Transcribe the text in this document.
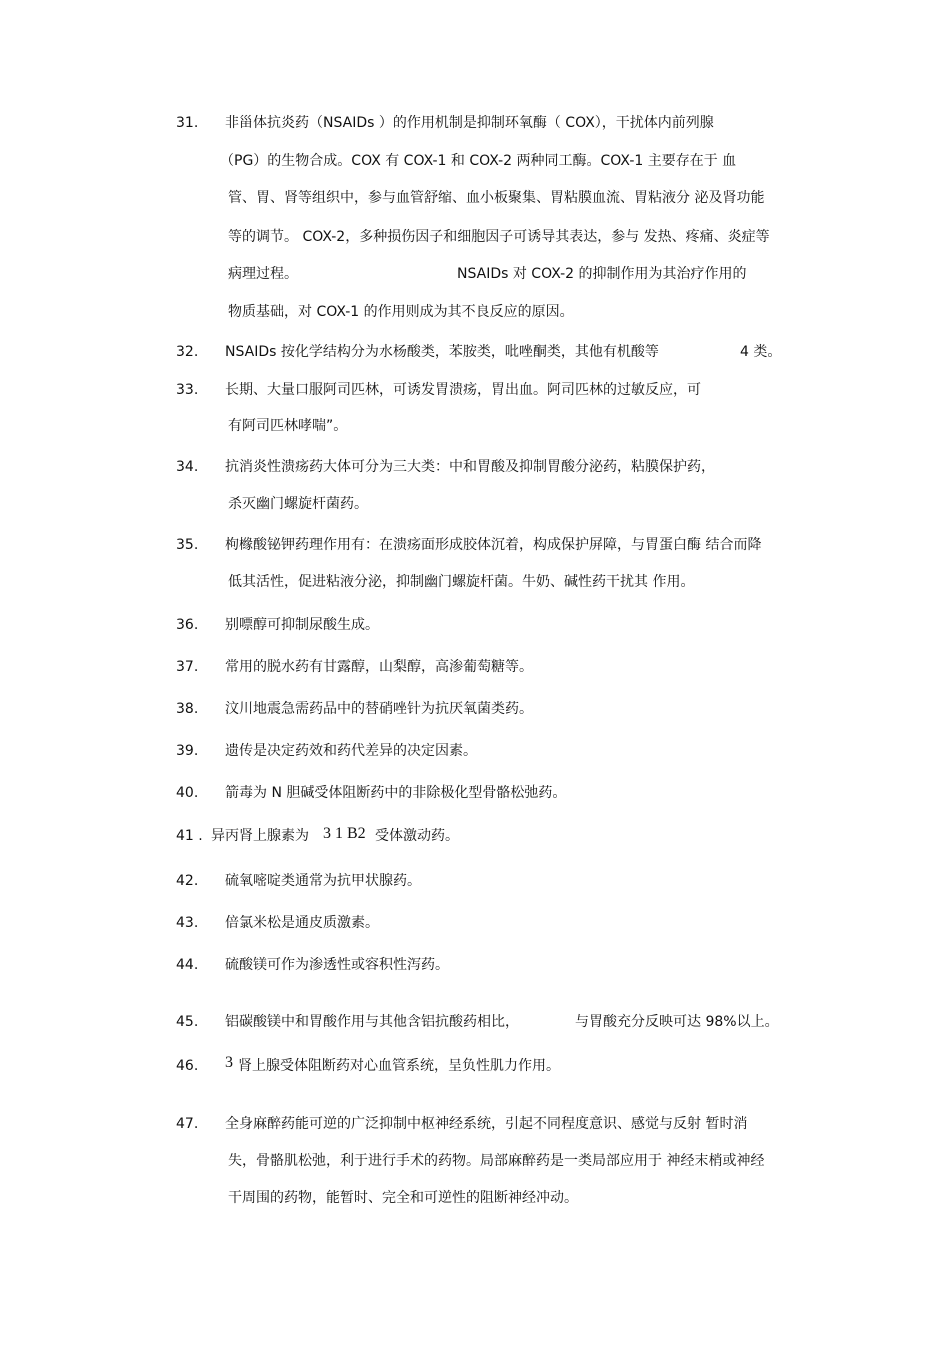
31. 非甾体抗炎药（NSAIDs ）的作用机制是抑制环氧酶（ COX），干扰体内前列腺
（PG）的生物合成。COX 有 COX-1 和 COX-2 两种同工酶。COX-1 主要存在于 血
管、胃、肾等组织中，参与血管舒缩、血小板聚集、胃粘膜血流、胃粘液分 泌及肾功能
等的调节。 COX-2，多种损伤因子和细胞因子可诱导其表达，参与 发热、疼痛、炎症等
病理过程。	NSAIDs 对 COX-2 的抑制作用为其治疗作用的
物质基础，对 COX-1 的作用则成为其不良反应的原因。
32. NSAIDs 按化学结构分为水杨酸类，苯胺类，吡唑酮类，其他有机酸等	4 类。
33. 长期、大量口服阿司匹林，可诱发胃溃疡，胃出血。阿司匹林的过敏反应，可
有阿司匹林哮喘”。
34. 抗消炎性溃疡药大体可分为三大类：中和胃酸及抑制胃酸分泌药，粘膜保护药，
杀灭幽门螺旋杆菌药。
35. 枸橼酸铋钾药理作用有：在溃疡面形成胶体沉着，构成保护屏障，与胃蛋白酶 结合而降
低其活性，促进粘液分泌，抑制幽门螺旋杆菌。牛奶、碱性药干扰其 作用。
36. 别嘌醇可抑制尿酸生成。
37. 常用的脱水药有甘露醇，山梨醇，高渗葡萄糖等。
38. 汶川地震急需药品中的替硝唑针为抗厌氧菌类药。
39. 遗传是决定药效和药代差异的决定因素。
40. 箭毒为 N 胆碱受体阻断药中的非除极化型骨骼松弛药。
41 . 异丙肾上腺素为 3 1 B2 受体激动药。
42. 硫氧嘧啶类通常为抗甲状腺药。
43. 倍氯米松是通皮质激素。
44. 硫酸镁可作为渗透性或容积性泻药。
45. 铝碳酸镁中和胃酸作用与其他含铝抗酸药相比，	与胃酸充分反映可达 98%以上。
46. 3 肾上腺受体阻断药对心血管系统，呈负性肌力作用。
47. 全身麻醉药能可逆的广泛抑制中枢神经系统，引起不同程度意识、感觉与反射 暂时消
失，骨骼肌松弛，利于进行手术的药物。局部麻醉药是一类局部应用于 神经末梢或神经
干周围的药物，能暂时、完全和可逆性的阻断神经冲动。
